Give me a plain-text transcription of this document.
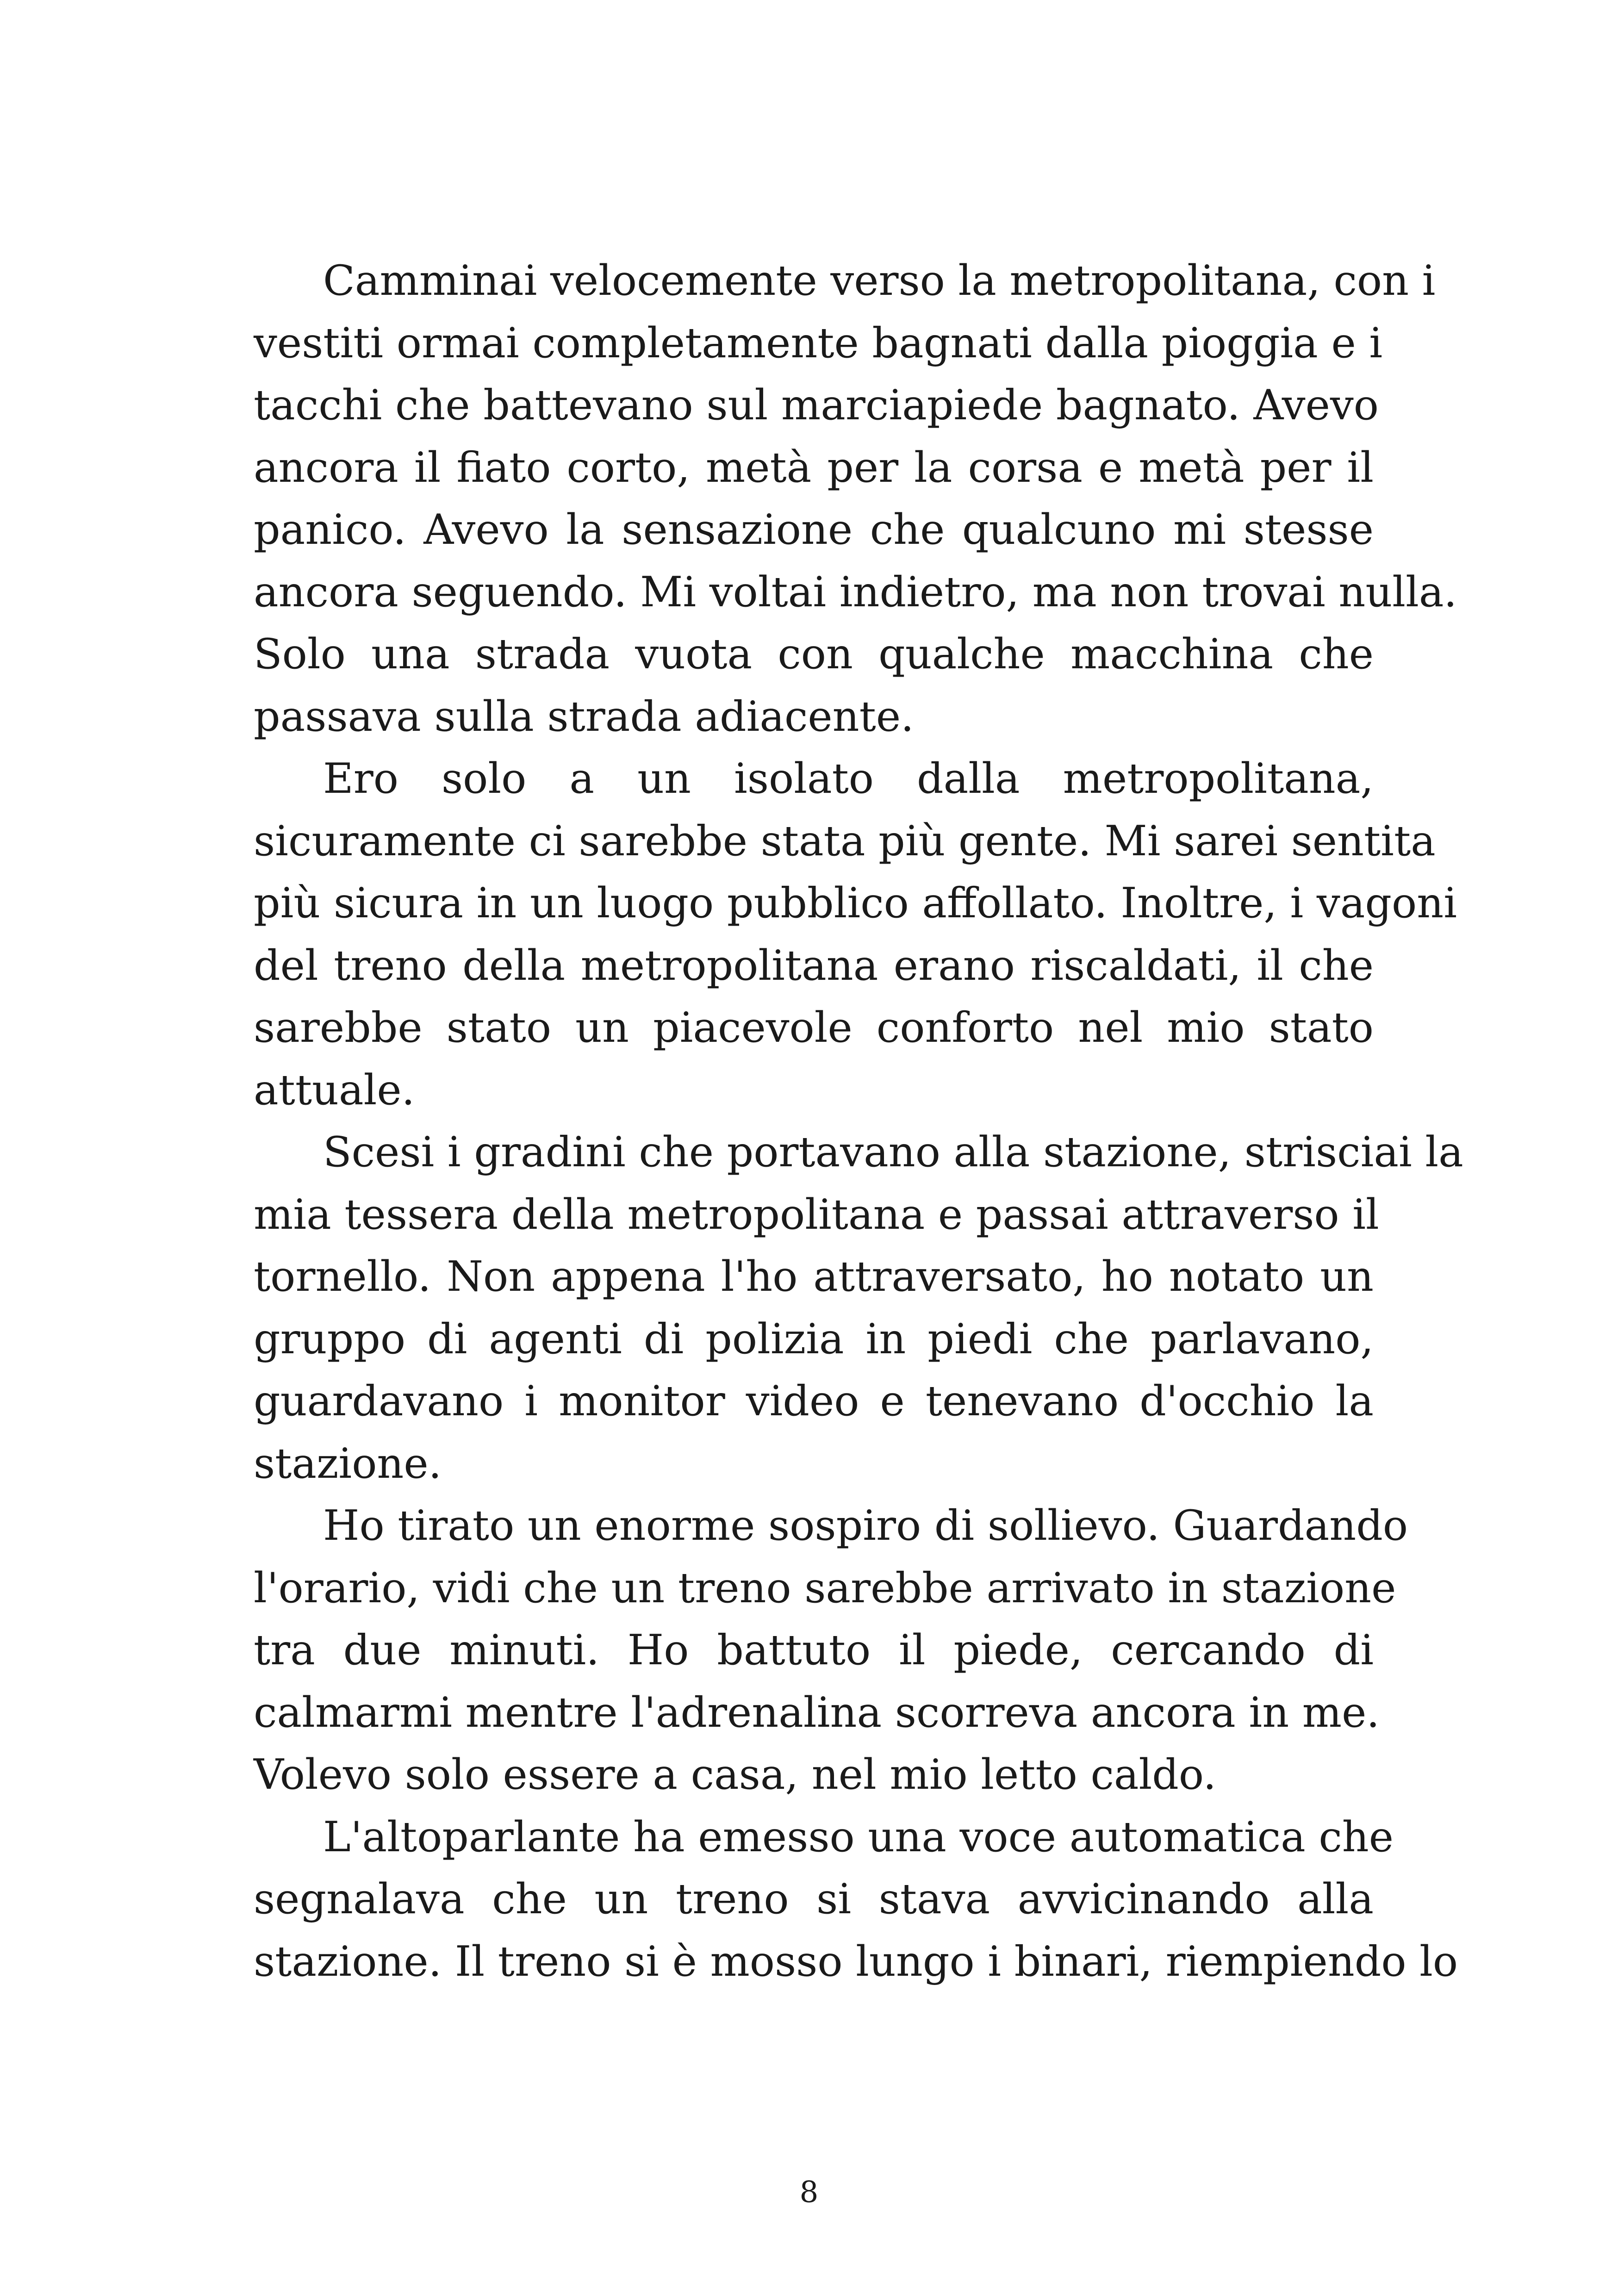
Camminai velocemente verso la metropolitana, con i
vestiti ormai completamente bagnati dalla pioggia e i
tacchi che battevano sul marciapiede bagnato. Avevo
ancora il fiato corto, metà per la corsa e metà per il
panico. Avevo la sensazione che qualcuno mi stesse
ancora seguendo. Mi voltai indietro, ma non trovai nulla.
Solo una strada vuota con qualche macchina che
passava sulla strada adiacente.

Ero solo a un isolato dalla metropolitana,
sicuramente ci sarebbe stata più gente. Mi sarei sentita
più sicura in un luogo pubblico affollato. Inoltre, i vagoni
del treno della metropolitana erano riscaldati, il che
sarebbe stato un piacevole conforto nel mio stato
attuale.

Scesi i gradini che portavano alla stazione, strisciai la
mia tessera della metropolitana e passai attraverso il
tornello. Non appena l'ho attraversato, ho notato un
gruppo di agenti di polizia in piedi che parlavano,
guardavano i monitor video e tenevano d'occhio la
stazione.

Ho tirato un enorme sospiro di sollievo. Guardando
l'orario, vidi che un treno sarebbe arrivato in stazione
tra due minuti. Ho battuto il piede, cercando di
calmarmi mentre l'adrenalina scorreva ancora in me.
Volevo solo essere a casa, nel mio letto caldo.

L'altoparlante ha emesso una voce automatica che
segnalava che un treno si stava avvicinando alla
stazione. Il treno si è mosso lungo i binari, riempiendo lo

8
